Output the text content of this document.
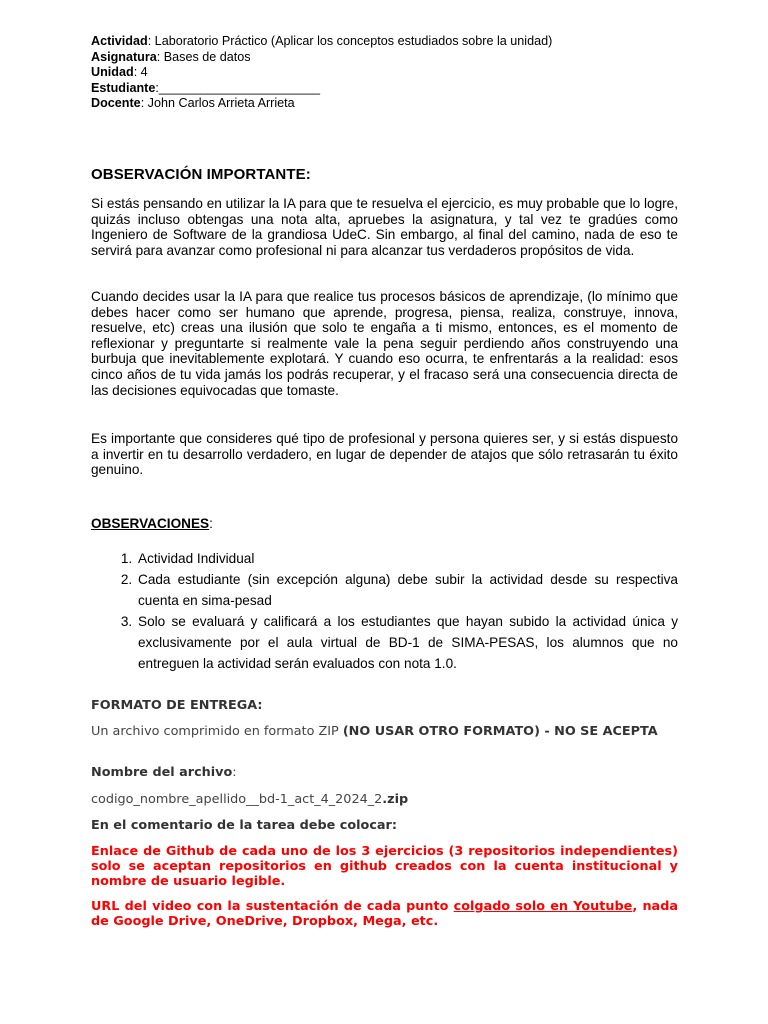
Actividad: Laboratorio Práctico (Aplicar los conceptos estudiados sobre la unidad)
Asignatura: Bases de datos
Unidad: 4
Estudiante:_______________________
Docente: John Carlos Arrieta Arrieta
OBSERVACIÓN IMPORTANTE:

Si estás pensando en utilizar la IA para que te resuelva el ejercicio, es muy probable que lo logre, quizás incluso obtengas una nota alta, apruebes la asignatura, y tal vez te gradúes como Ingeniero de Software de la grandiosa UdeC. Sin embargo, al final del camino, nada de eso te servirá para avanzar como profesional ni para alcanzar tus verdaderos propósitos de vida.

Cuando decides usar la IA para que realice tus procesos básicos de aprendizaje, (lo mínimo que debes hacer como ser humano que aprende, progresa, piensa, realiza, construye, innova, resuelve, etc) creas una ilusión que solo te engaña a ti mismo, entonces, es el momento de reflexionar y preguntarte si realmente vale la pena seguir perdiendo años construyendo una burbuja que inevitablemente explotará. Y cuando eso ocurra, te enfrentarás a la realidad: esos cinco años de tu vida jamás los podrás recuperar, y el fracaso será una consecuencia directa de las decisiones equivocadas que tomaste.

Es importante que consideres qué tipo de profesional y persona quieres ser, y si estás dispuesto a invertir en tu desarrollo verdadero, en lugar de depender de atajos que sólo retrasarán tu éxito genuino.

OBSERVACIONES:

1. Actividad Individual
2. Cada estudiante (sin excepción alguna) debe subir la actividad desde su respectiva cuenta en sima-pesad
3. Solo se evaluará y calificará a los estudiantes que hayan subido la actividad única y exclusivamente por el aula virtual de BD-1 de SIMA-PESAS, los alumnos que no entreguen la actividad serán evaluados con nota 1.0.

FORMATO DE ENTREGA:

Un archivo comprimido en formato ZIP (NO USAR OTRO FORMATO) - NO SE ACEPTA

Nombre del archivo:

codigo_nombre_apellido__bd-1_act_4_2024_2.zip

En el comentario de la tarea debe colocar:

Enlace de Github de cada uno de los 3 ejercicios (3 repositorios independientes) solo se aceptan repositorios en github creados con la cuenta institucional y nombre de usuario legible.

URL del video con la sustentación de cada punto colgado solo en Youtube, nada de Google Drive, OneDrive, Dropbox, Mega, etc.
